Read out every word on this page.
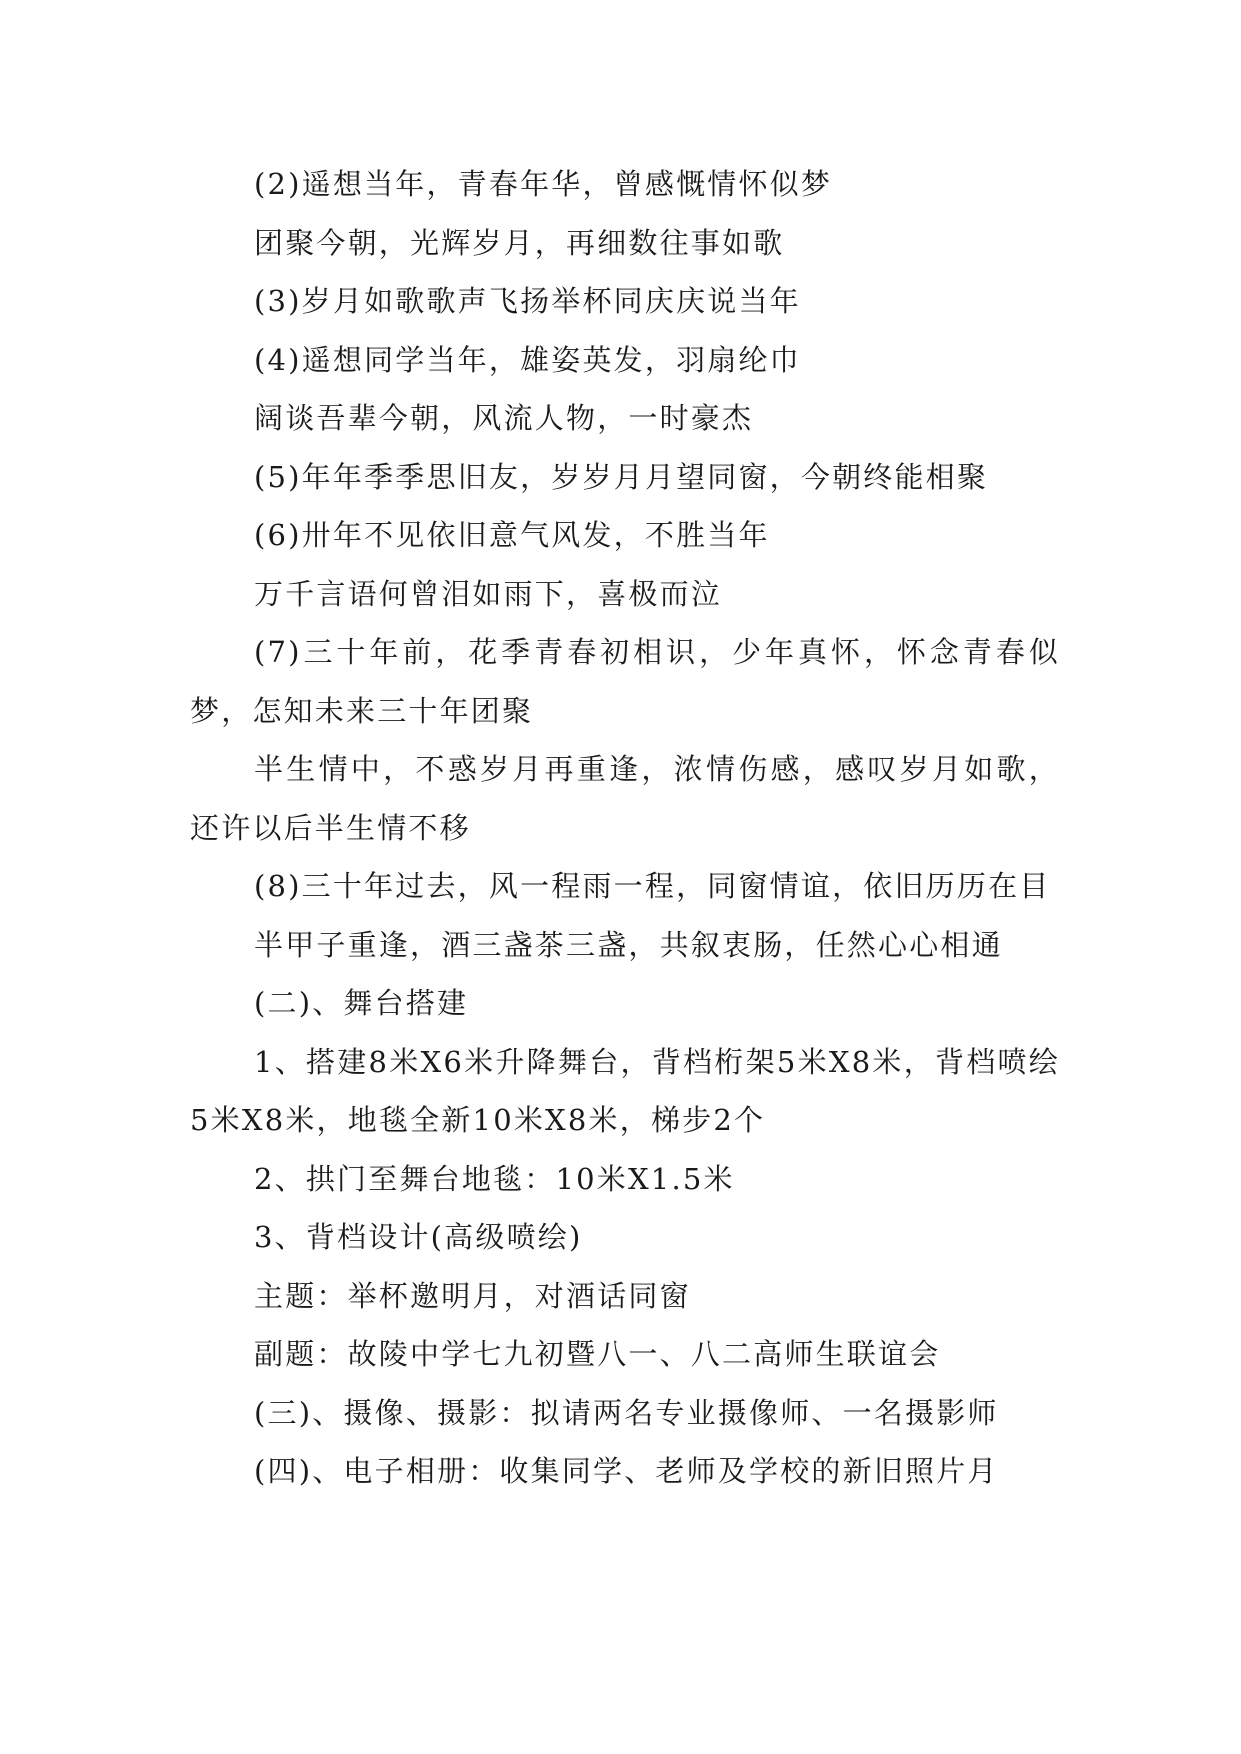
(2)遥想当年，青春年华，曾感慨情怀似梦

团聚今朝，光辉岁月，再细数往事如歌

(3)岁月如歌歌声飞扬举杯同庆庆说当年

(4)遥想同学当年，雄姿英发，羽扇纶巾

阔谈吾辈今朝，风流人物，一时豪杰

(5)年年季季思旧友，岁岁月月望同窗，今朝终能相聚

(6)卅年不见依旧意气风发，不胜当年

万千言语何曾泪如雨下，喜极而泣

(7)三十年前，花季青春初相识，少年真怀，怀念青春似梦，怎知未来三十年团聚

半生情中，不惑岁月再重逢，浓情伤感，感叹岁月如歌，还许以后半生情不移

(8)三十年过去，风一程雨一程，同窗情谊，依旧历历在目

半甲子重逢，酒三盏茶三盏，共叙衷肠，任然心心相通

(二)、舞台搭建

1、搭建8米X6米升降舞台，背档桁架5米X8米，背档喷绘5米X8米，地毯全新10米X8米，梯步2个

2、拱门至舞台地毯：10米X1.5米

3、背档设计(高级喷绘)

主题：举杯邀明月，对酒话同窗

副题：故陵中学七九初暨八一、八二高师生联谊会

(三)、摄像、摄影：拟请两名专业摄像师、一名摄影师

(四)、电子相册：收集同学、老师及学校的新旧照片月
